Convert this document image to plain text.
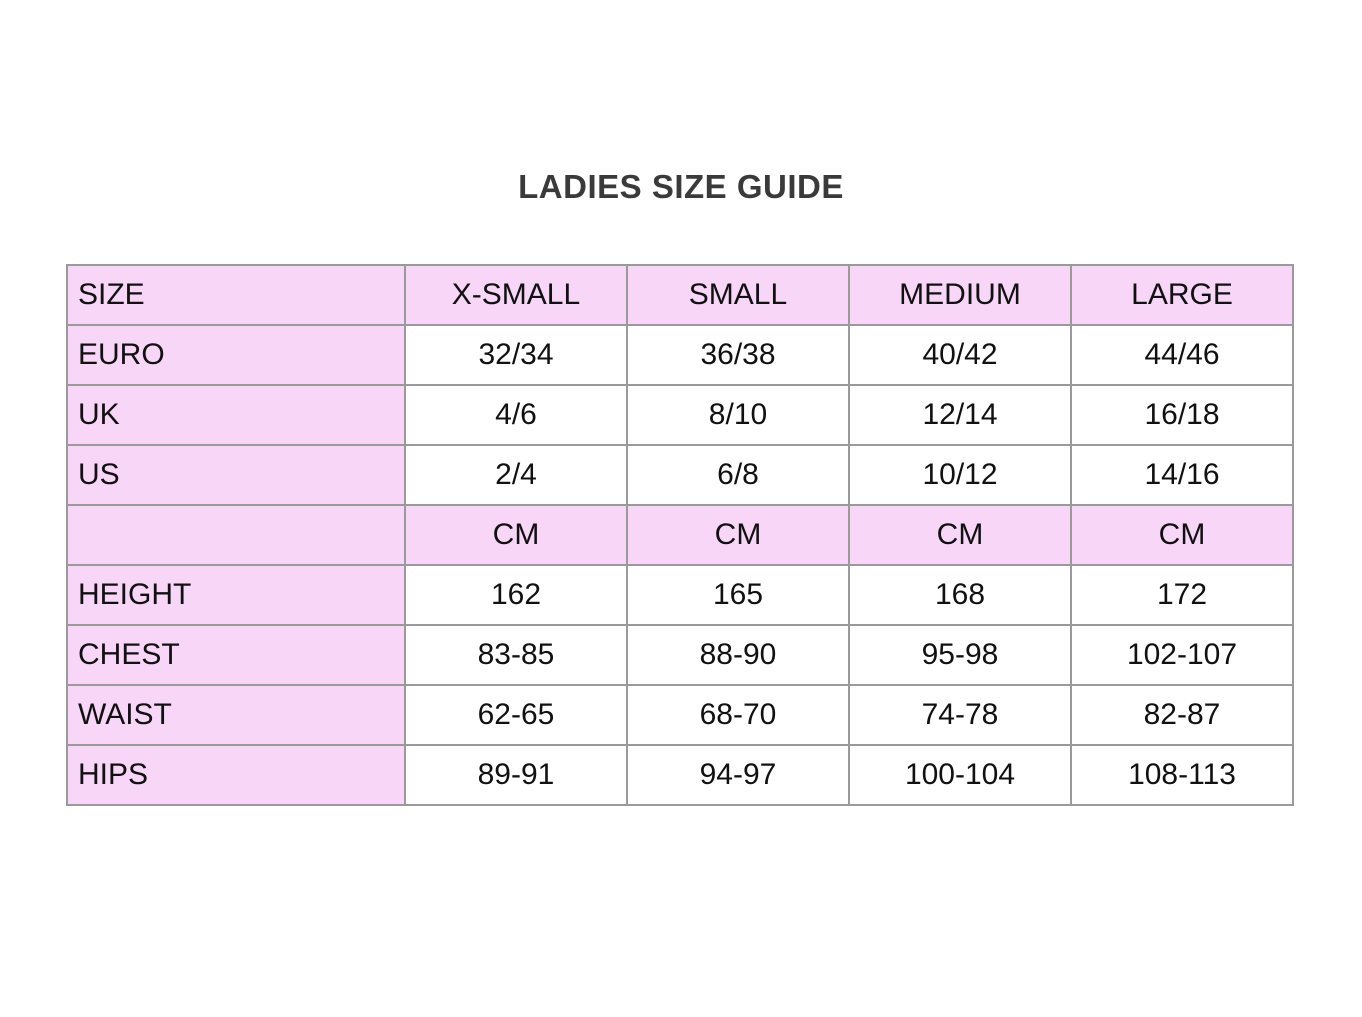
LADIES SIZE GUIDE
SIZE	X-SMALL	SMALL	MEDIUM	LARGE
EURO	32/34	36/38	40/42	44/46
UK	4/6	8/10	12/14	16/18
US	2/4	6/8	10/12	14/16
	CM	CM	CM	CM
HEIGHT	162	165	168	172
CHEST	83-85	88-90	95-98	102-107
WAIST	62-65	68-70	74-78	82-87
HIPS	89-91	94-97	100-104	108-113
